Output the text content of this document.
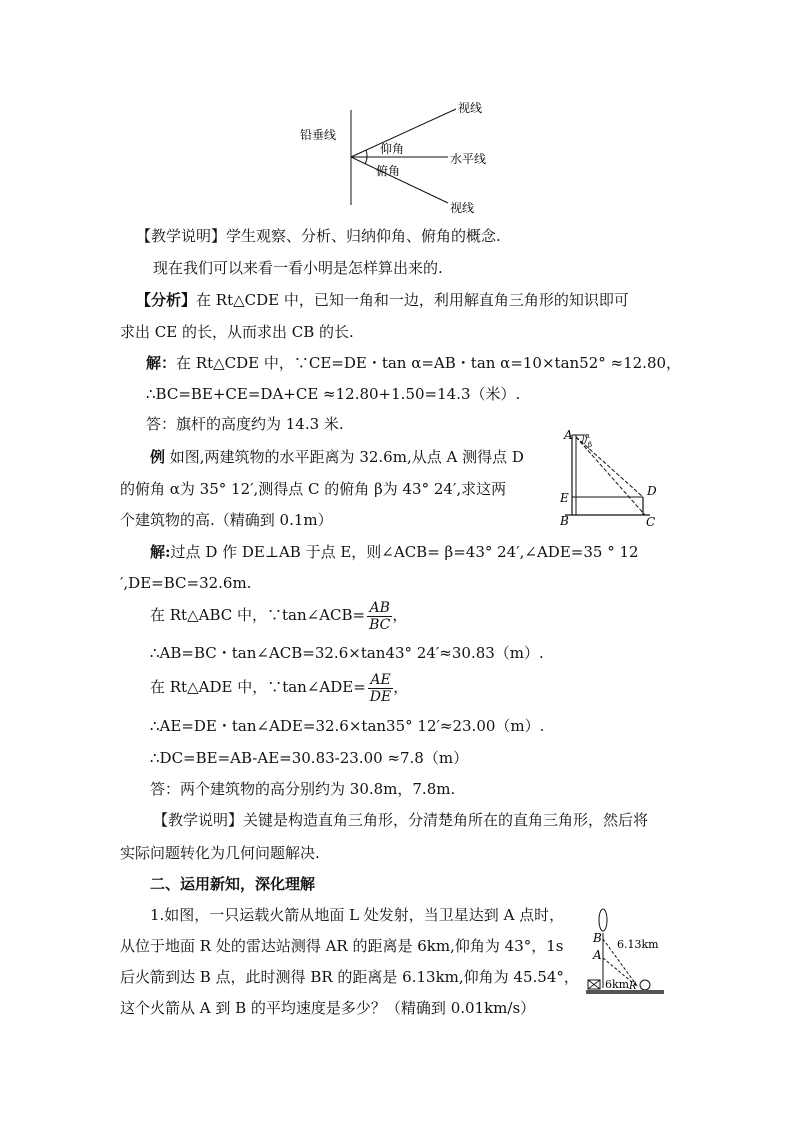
铅垂线
视线
仰角
水平线
俯角
视线
【教学说明】学生观察、分析、归纳仰角、俯角的概念.
现在我们可以来看一看小明是怎样算出来的.
【分析】在 Rt△CDE 中，已知一角和一边，利用解直角三角形的知识即可
求出 CE 的长，从而求出 CB 的长.
解：在 Rt△CDE 中，∵CE=DE・tan α=AB・tan α=10×tan52° ≈12.80，
∴BC=BE+CE=DA+CE ≈12.80+1.50=14.3（米）.
答：旗杆的高度约为 14.3 米.
例 如图,两建筑物的水平距离为 32.6m,从点 A 测得点 D
的俯角 α为 35° 12′,测得点 C 的俯角 β为 43° 24′,求这两
个建筑物的高.（精确到 0.1m）
A α
β
E	D
B	C
解:过点 D 作 DE⊥AB 于点 E，则∠ACB= β=43° 24′,∠ADE=35 ° 12
′,DE=BC=32.6m.
在 Rt△ABC 中，∵tan∠ACB= $\frac{AB}{BC}$ ，
∴AB=BC・tan∠ACB=32.6×tan43° 24′≈30.83（m）.
在 Rt△ADE 中，∵tan∠ADE= $\frac{AE}{DE}$ ，
∴AE=DE・tan∠ADE=32.6×tan35° 12′≈23.00（m）.
∴DC=BE=AB-AE=30.83-23.00 ≈7.8（m）
答：两个建筑物的高分别约为 30.8m，7.8m.
【教学说明】关键是构造直角三角形，分清楚角所在的直角三角形，然后将
实际问题转化为几何问题解决.
二、运用新知，深化理解
1.如图，一只运载火箭从地面 L 处发射，当卫星达到 A 点时，
从位于地面 R 处的雷达站测得 AR 的距离是 6km,仰角为 43°，1s
后火箭到达 B 点，此时测得 BR 的距离是 6.13km,仰角为 45.54°，
这个火箭从 A 到 B 的平均速度是多少？（精确到 0.01km/s）
B
A
6.13km
6km R
